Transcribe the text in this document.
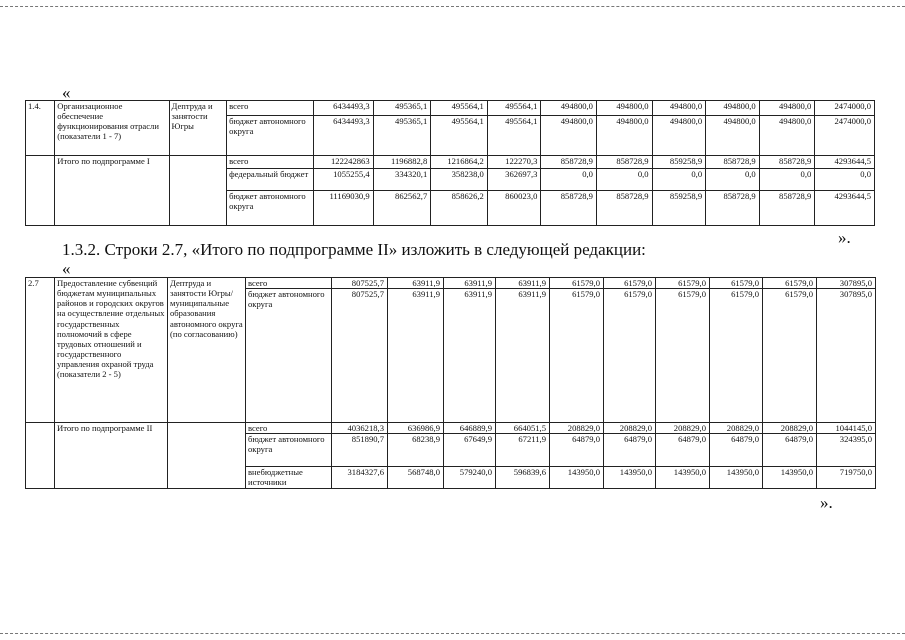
«
1.4.	Организационное обеспечение функционирования отрасли (показатели 1 - 7)	Дептруда и занятости Югры	всего	6434493,3	495365,1	495564,1	495564,1	494800,0	494800,0	494800,0	494800,0	494800,0	2474000,0
			бюджет автономного округа	6434493,3	495365,1	495564,1	495564,1	494800,0	494800,0	494800,0	494800,0	494800,0	2474000,0
	Итого по подпрограмме I		всего	122242863	1196882,8	1216864,2	122270,3	858728,9	858728,9	859258,9	858728,9	858728,9	4293644,5
			федеральный бюджет	1055255,4	334320,1	358238,0	362697,3	0,0	0,0	0,0	0,0	0,0	0,0
			бюджет автономного округа	11169030,9	862562,7	858626,2	860023,0	858728,9	858728,9	859258,9	858728,9	858728,9	4293644,5
».
1.3.2. Строки 2.7, «Итого по подпрограмме II» изложить в следующей редакции:
«
2.7	Предоставление субвенций бюджетам муниципальных районов и городских округов на осуществление отдельных государственных полномочий в сфере трудовых отношений и государственного управления охраной труда (показатели 2 - 5)	Дептруда и занятости Югры/муниципальные образования автономного округа (по согласованию)	всего	807525,7	63911,9	63911,9	63911,9	61579,0	61579,0	61579,0	61579,0	61579,0	307895,0
			бюджет автономного округа	807525,7	63911,9	63911,9	63911,9	61579,0	61579,0	61579,0	61579,0	61579,0	307895,0
	Итого по подпрограмме II		всего	4036218,3	636986,9	646889,9	664051,5	208829,0	208829,0	208829,0	208829,0	208829,0	1044145,0
			бюджет автономного округа	851890,7	68238,9	67649,9	67211,9	64879,0	64879,0	64879,0	64879,0	64879,0	324395,0
			внебюджетные источники	3184327,6	568748,0	579240,0	596839,6	143950,0	143950,0	143950,0	143950,0	143950,0	719750,0
».
